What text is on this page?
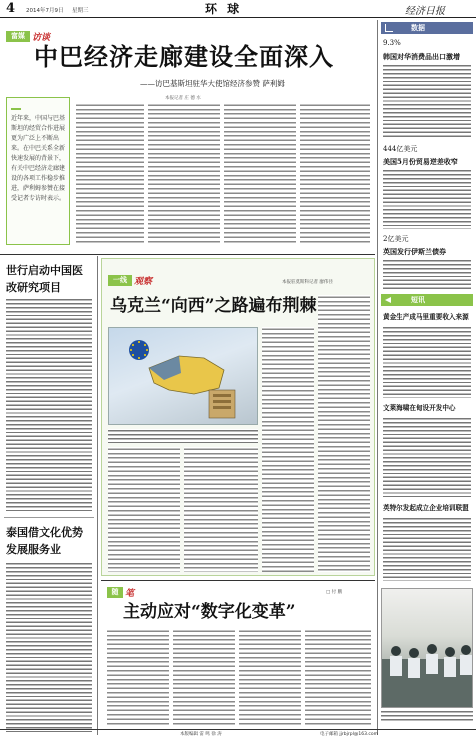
4 2014年7月9日 星期三	环 球	经济日报
富媒 访谈
中巴经济走廊建设全面深入
——访巴基斯坦驻华大使馆经济参赞 萨利姆
本报记者 庄 德 水
近年来，中国与巴基斯坦的经贸合作进展更为广泛上不断出来。在中巴关系全新快速发展的背景下，有关中巴经济走廊建设的各项工作稳步推进，萨利姆参赞在接受记者专访时表示。
数据
9.3%
韩国对华消费品出口激增
444亿美元
美国5月份贸易逆差收窄
2亿美元
英国发行伊斯兰债券
世行启动中国医改研究项目
泰国借文化优势发展服务业
一线 观察	本报驻莫斯科记者 廖伟径
乌克兰“向西”之路遍布荆棘	短讯
黄金生产成马里重要收入来源
文莱海啸在甸设开发中心
英特尔发起成立企业培训联盟
随 笔	□ 付 鹏
主动应对“数字化变革”
本版编辑 雷 鸣 徐 涛	电子邮箱 jjrbjrpl@163.com
